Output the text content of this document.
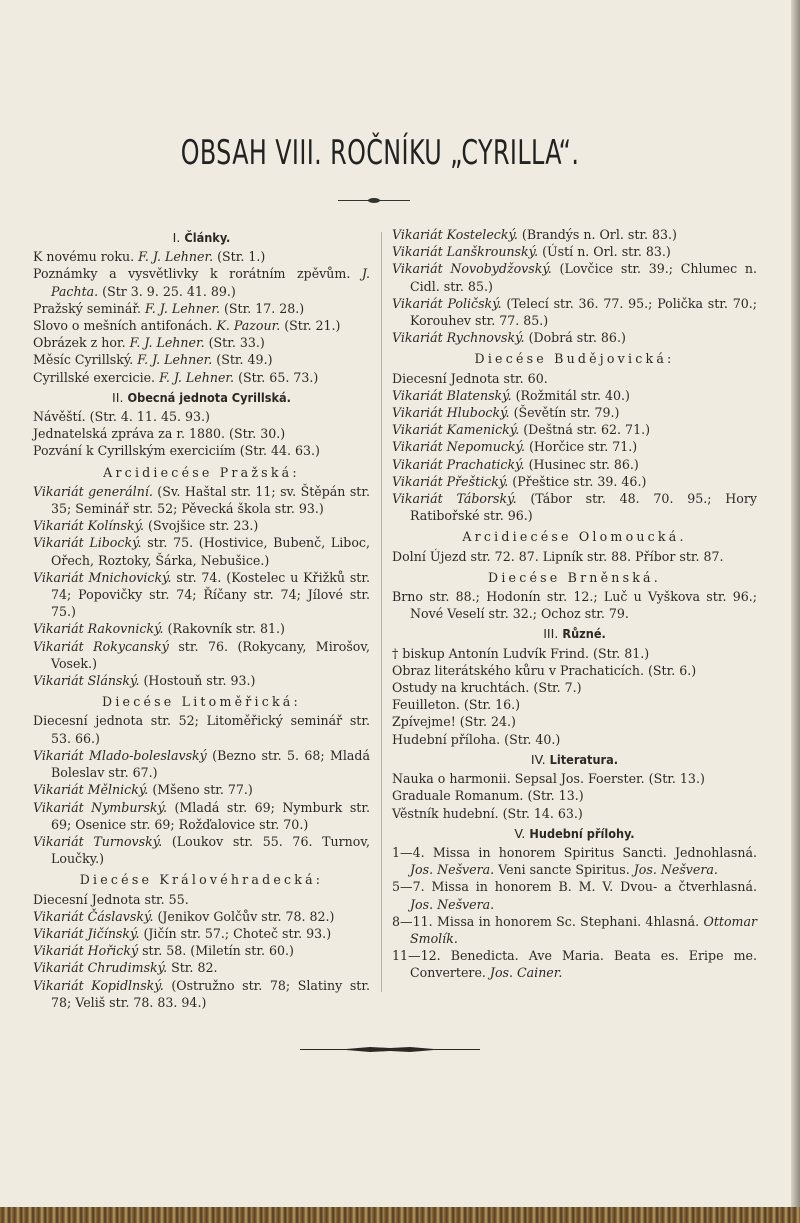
OBSAH VIII. ROČNÍKU „CYRILLA“.
I. Články.
K novému roku. F. J. Lehner. (Str. 1.)
Poznámky a vysvětlivky k rorátním zpěvům. J. Pachta. (Str 3. 9. 25. 41. 89.)
Pražský seminář. F. J. Lehner. (Str. 17. 28.)
Slovo o mešních antifonách. K. Pazour. (Str. 21.)
Obrázek z hor. F. J. Lehner. (Str. 33.)
Měsíc Cyrillský. F. J. Lehner. (Str. 49.)
Cyrillské exercicie. F. J. Lehner. (Str. 65. 73.)
II. Obecná jednota Cyrillská.
Návěští. (Str. 4. 11. 45. 93.)
Jednatelská zpráva za r. 1880. (Str. 30.)
Pozvání k Cyrillským exerciciím (Str. 44. 63.)
Arcidiecése Pražská:
Vikariát generální. (Sv. Haštal str. 11; sv. Štěpán str. 35; Seminář str. 52; Pěvecká škola str. 93.)
Vikariát Kolínský. (Svojšice str. 23.)
Vikariát Libocký. str. 75. (Hostivice, Bubenč, Liboc, Ořech, Roztoky, Šárka, Nebušice.)
Vikariát Mnichovický. str. 74. (Kostelec u Křižků str. 74; Popovičky str. 74; Říčany str. 74; Jílové str. 75.)
Vikariát Rakovnický. (Rakovník str. 81.)
Vikariát Rokycanský str. 76. (Rokycany, Mirošov, Vosek.)
Vikariát Slánský. (Hostouň str. 93.)
Diecése Litoměřická:
Diecesní jednota str. 52; Litoměřický seminář str. 53. 66.)
Vikariát Mlado-boleslavský (Bezno str. 5. 68; Mladá Boleslav str. 67.)
Vikariát Mělnický. (Mšeno str. 77.)
Vikariát Nymburský. (Mladá str. 69; Nymburk str. 69; Osenice str. 69; Rožďalovice str. 70.)
Vikariát Turnovský. (Loukov str. 55. 76. Turnov, Loučky.)
Diecése Královéhradecká:
Diecesní Jednota str. 55.
Vikariát Čáslavský. (Jenikov Golčův str. 78. 82.)
Vikariát Jičínský. (Jičín str. 57.; Choteč str. 93.)
Vikariát Hořický str. 58. (Miletín str. 60.)
Vikariát Chrudimský. Str. 82.
Vikariát Kopidlnský. (Ostružno str. 78; Slatiny str. 78; Veliš str. 78. 83. 94.)
Vikariát Kostelecký. (Brandýs n. Orl. str. 83.)
Vikariát Lanškrounský. (Ústí n. Orl. str. 83.)
Vikariát Novobydžovský. (Lovčice str. 39.; Chlumec n. Cidl. str. 85.)
Vikariát Poličský. (Telecí str. 36. 77. 95.; Polička str. 70.; Korouhev str. 77. 85.)
Vikariát Rychnovský. (Dobrá str. 86.)
Diecése Budějovická:
Diecesní Jednota str. 60.
Vikariát Blatenský. (Rožmitál str. 40.)
Vikariát Hlubocký. (Ševětín str. 79.)
Vikariát Kamenický. (Deštná str. 62. 71.)
Vikariát Nepomucký. (Horčice str. 71.)
Vikariát Prachatický. (Husinec str. 86.)
Vikariát Přeštický. (Přeštice str. 39. 46.)
Vikariát Táborský. (Tábor str. 48. 70. 95.; Hory Ratibořské str. 96.)
Arcidiecése Olomoucká.
Dolní Újezd str. 72. 87. Lipník str. 88. Příbor str. 87.
Diecése Brněnská.
Brno str. 88.; Hodonín str. 12.; Luč u Vyškova str. 96.; Nové Veselí str. 32.; Ochoz str. 79.
III. Různé.
† biskup Antonín Ludvík Frind. (Str. 81.)
Obraz literátského kůru v Prachaticích. (Str. 6.)
Ostudy na kruchtách. (Str. 7.)
Feuilleton. (Str. 16.)
Zpívejme! (Str. 24.)
Hudební příloha. (Str. 40.)
IV. Literatura.
Nauka o harmonii. Sepsal Jos. Foerster. (Str. 13.)
Graduale Romanum. (Str. 13.)
Věstník hudební. (Str. 14. 63.)
V. Hudební přílohy.
1—4. Missa in honorem Spiritus Sancti. Jednohlasná. Jos. Nešvera. Veni sancte Spiritus. Jos. Nešvera.
5—7. Missa in honorem B. M. V. Dvou- a čtverhlasná. Jos. Nešvera.
8—11. Missa in honorem Sc. Stephani. 4hlasná. Ottomar Smolík.
11—12. Benedicta. Ave Maria. Beata es. Eripe me. Convertere. Jos. Cainer.
